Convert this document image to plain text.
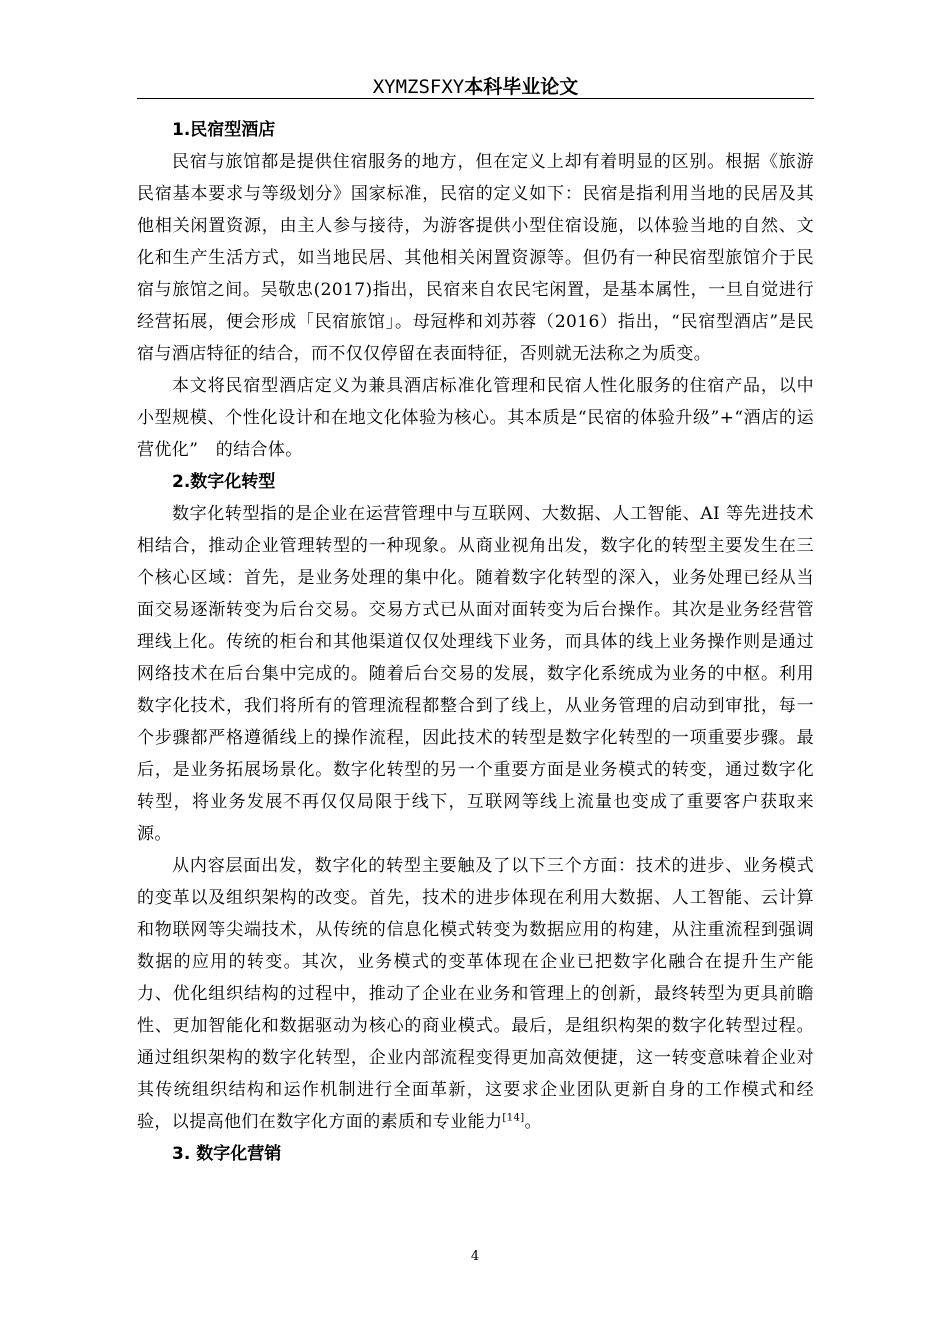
XYMZSFXY本科毕业论文

1.民宿型酒店

民宿与旅馆都是提供住宿服务的地方，但在定义上却有着明显的区别。根据《旅游民宿基本要求与等级划分》国家标准，民宿的定义如下：民宿是指利用当地的民居及其他相关闲置资源，由主人参与接待，为游客提供小型住宿设施，以体验当地的自然、文化和生产生活方式，如当地民居、其他相关闲置资源等。但仍有一种民宿型旅馆介于民宿与旅馆之间。吴敬忠(2017)指出，民宿来自农民宅闲置，是基本属性，一旦自觉进行经营拓展，便会形成「民宿旅馆」。母冠桦和刘苏蓉（2016）指出，“民宿型酒店”是民宿与酒店特征的结合，而不仅仅停留在表面特征，否则就无法称之为质变。

本文将民宿型酒店定义为兼具酒店标准化管理和民宿人性化服务的住宿产品，以中小型规模、个性化设计和在地文化体验为核心。其本质是“民宿的体验升级”+“酒店的运营优化”　的结合体。

2.数字化转型

数字化转型指的是企业在运营管理中与互联网、大数据、人工智能、AI 等先进技术相结合，推动企业管理转型的一种现象。从商业视角出发，数字化的转型主要发生在三个核心区域：首先，是业务处理的集中化。随着数字化转型的深入，业务处理已经从当面交易逐渐转变为后台交易。交易方式已从面对面转变为后台操作。其次是业务经营管理线上化。传统的柜台和其他渠道仅仅处理线下业务，而具体的线上业务操作则是通过网络技术在后台集中完成的。随着后台交易的发展，数字化系统成为业务的中枢。利用数字化技术，我们将所有的管理流程都整合到了线上，从业务管理的启动到审批，每一个步骤都严格遵循线上的操作流程，因此技术的转型是数字化转型的一项重要步骤。最后，是业务拓展场景化。数字化转型的另一个重要方面是业务模式的转变，通过数字化转型，将业务发展不再仅仅局限于线下，互联网等线上流量也变成了重要客户获取来源。

从内容层面出发，数字化的转型主要触及了以下三个方面：技术的进步、业务模式的变革以及组织架构的改变。首先，技术的进步体现在利用大数据、人工智能、云计算和物联网等尖端技术，从传统的信息化模式转变为数据应用的构建，从注重流程到强调数据的应用的转变。其次，业务模式的变革体现在企业已把数字化融合在提升生产能力、优化组织结构的过程中，推动了企业在业务和管理上的创新，最终转型为更具前瞻性、更加智能化和数据驱动为核心的商业模式。最后，是组织构架的数字化转型过程。通过组织架构的数字化转型，企业内部流程变得更加高效便捷，这一转变意味着企业对其传统组织结构和运作机制进行全面革新，这要求企业团队更新自身的工作模式和经验，以提高他们在数字化方面的素质和专业能力[14]。

3. 数字化营销

4
